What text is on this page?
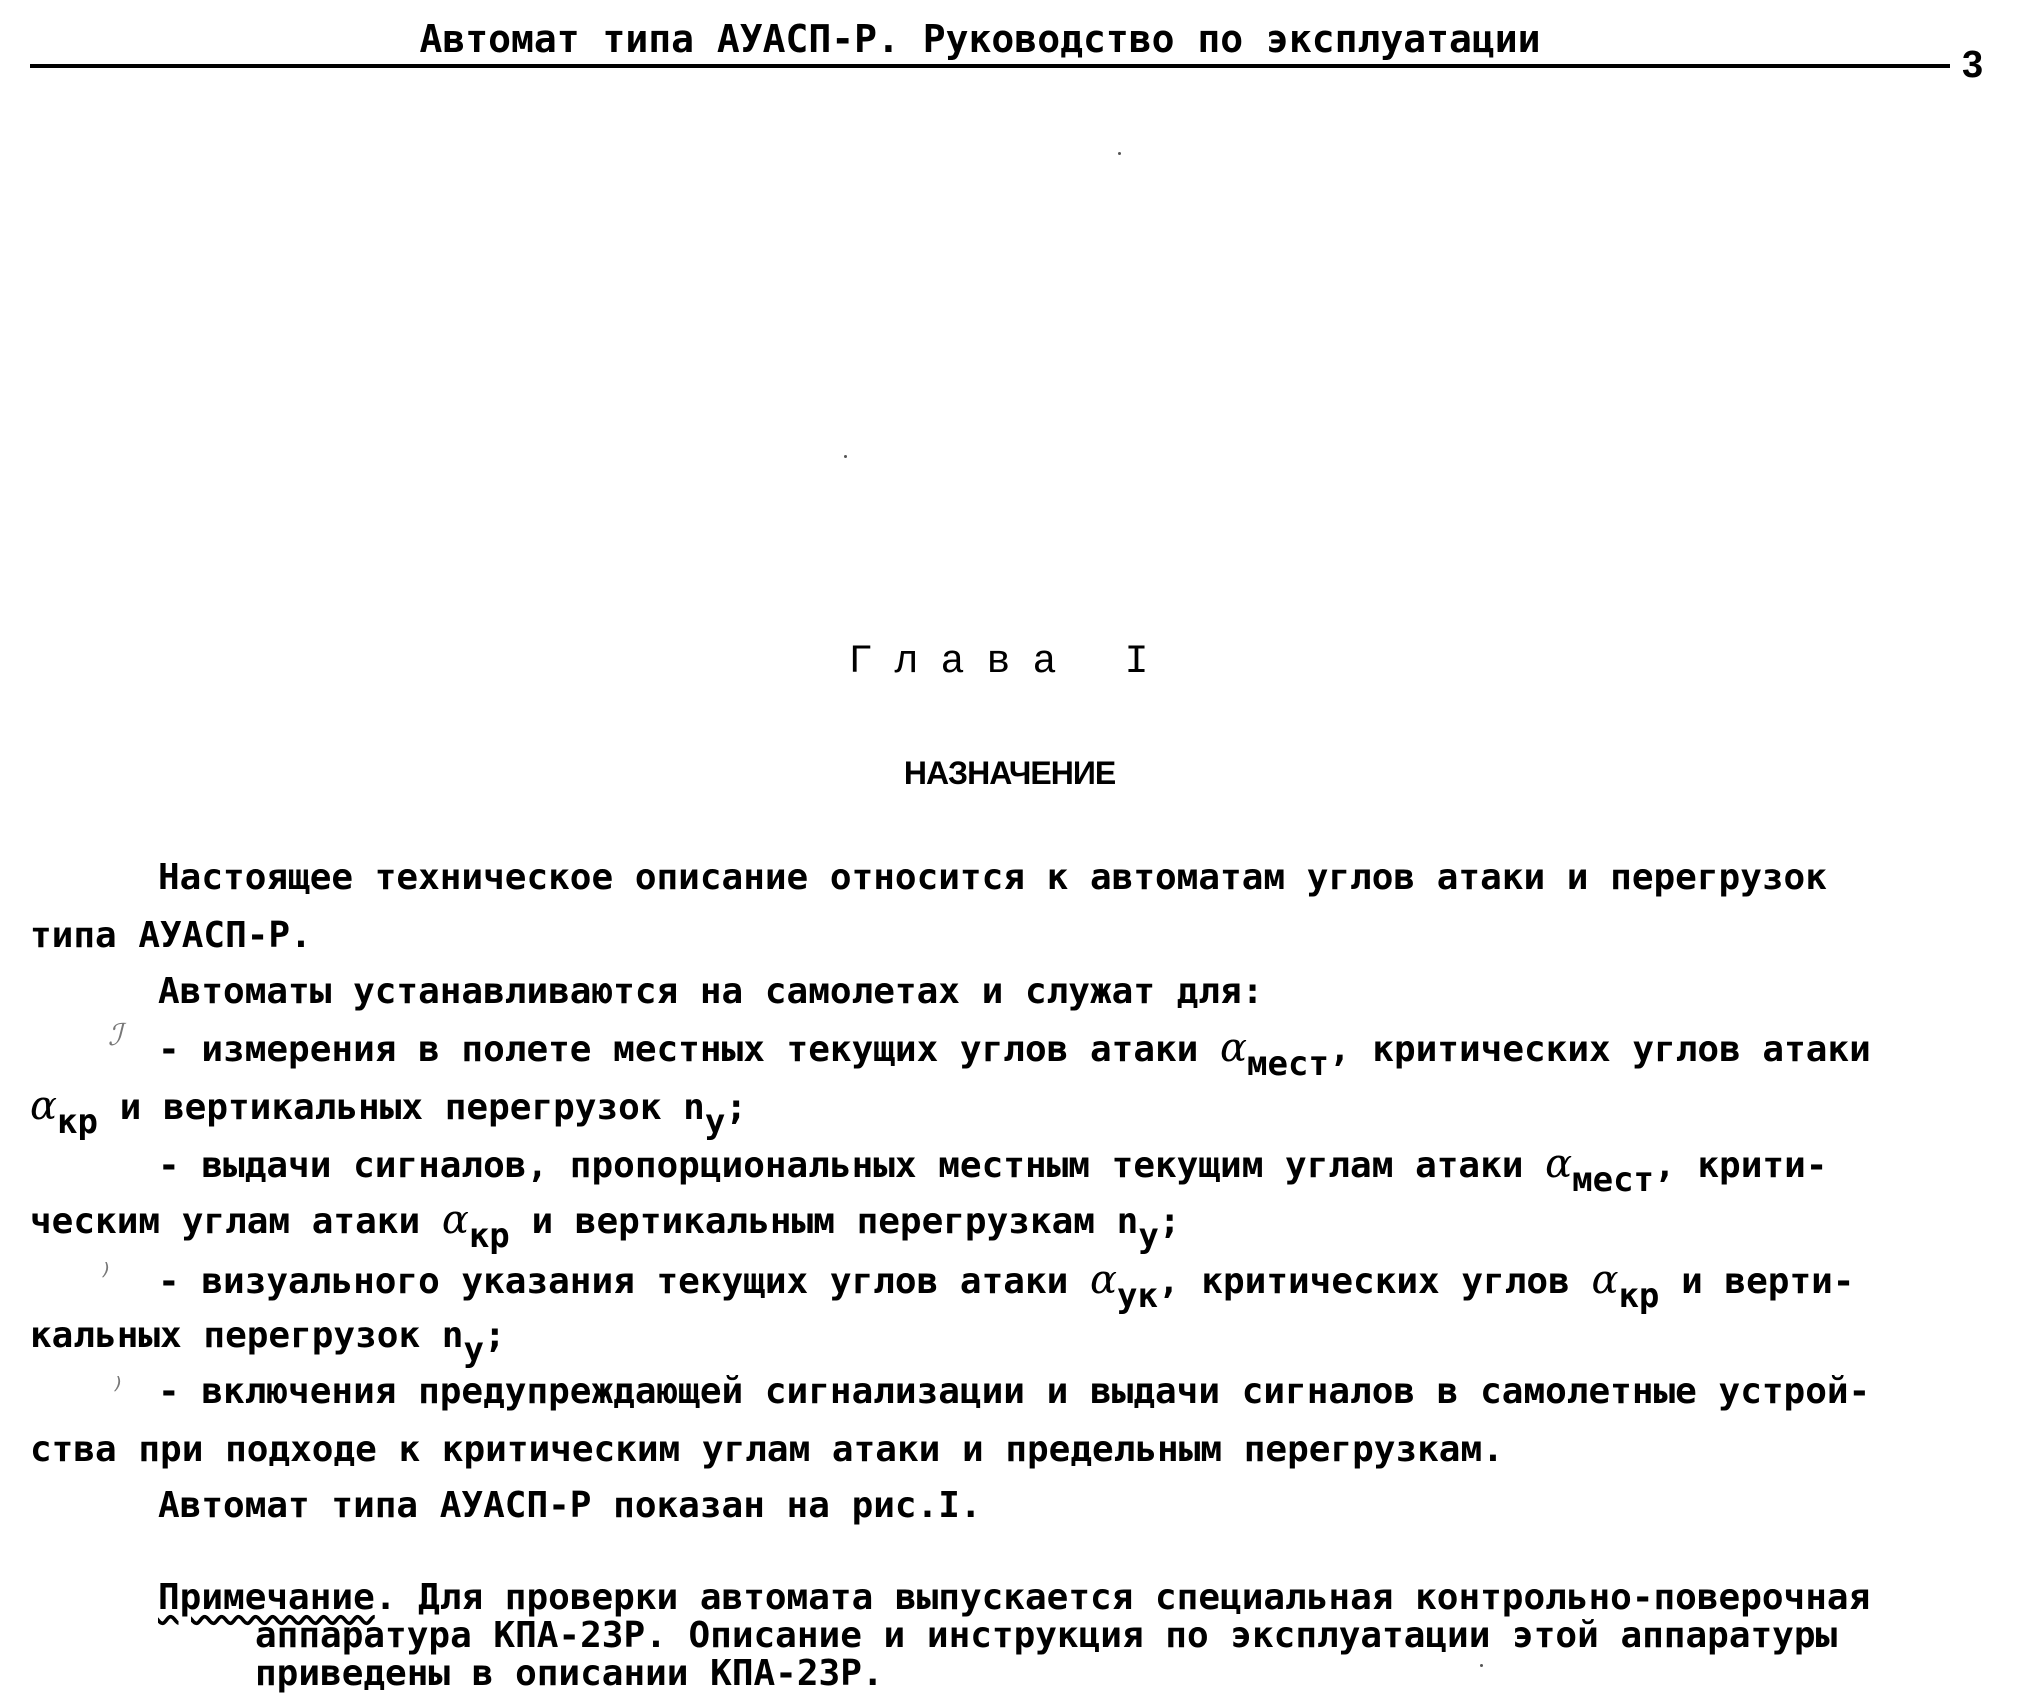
Автомат типа АУАСП-Р. Руководство по эксплуатации
3
Глава I
НАЗНАЧЕНИЕ
Настоящее техническое описание относится к автоматам углов атаки и перегрузок
типа АУАСП-Р.
Автоматы устанавливаются на самолетах и служат для:
ℐ - измерения в полете местных текущих углов атаки $\alpha_{мест}$, критических углов атаки
$\alpha_{кр}$ и вертикальных перегрузок $n_y$;
- выдачи сигналов, пропорциональных местным текущим углам атаки $\alpha_{мест}$, крити-
ческим углам атаки $\alpha_{кр}$ и вертикальным перегрузкам $n_y$;
⁾ - визуального указания текущих углов атаки $\alpha_{ук}$, критических углов $\alpha_{кр}$ и верти-
кальных перегрузок $n_y$;
⁾ - включения предупреждающей сигнализации и выдачи сигналов в самолетные устрой-
ства при подходе к критическим углам атаки и предельным перегрузкам.
Автомат типа АУАСП-Р показан на рис.I.
Примечание. Для проверки автомата выпускается специальная контрольно-поверочная
аппаратура КПА-23Р. Описание и инструкция по эксплуатации этой аппаратуры
приведены в описании КПА-23Р.
